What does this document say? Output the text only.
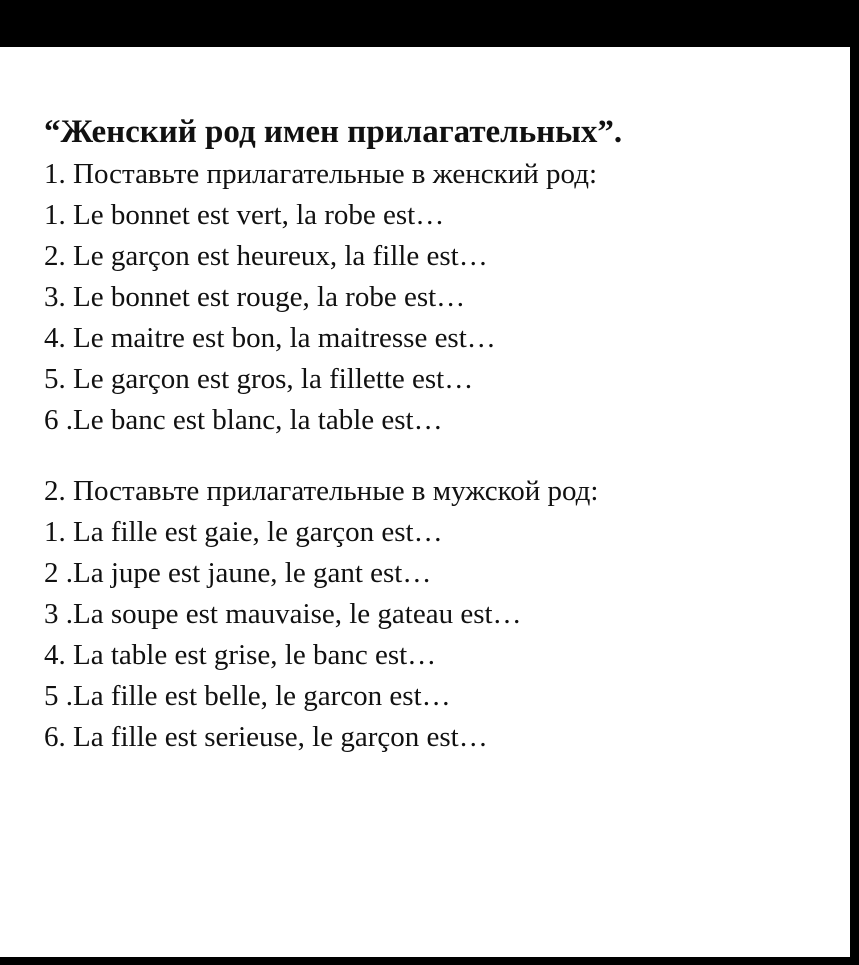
“Женский род имен прилагательных”.

1. Поставьте прилагательные в женский род:

1. Le bonnet est vert, la robe est…

2. Le garçon est heureux, la fille est…

3. Le bonnet est rouge, la robe est…

4. Le maitre est bon, la maitresse est…

5. Le garçon est gros, la fillette est…

6 .Le banc est blanc, la table est…

2. Поставьте прилагательные в мужской род:

1. La fille est gaie, le garçon est…

2 .La jupe est jaune, le gant est…

3 .La soupe est mauvaise, le gateau est…

4. La table est grise, le banc est…

5 .La fille est belle, le garcon est…

6. La fille est serieuse, le garçon est…
